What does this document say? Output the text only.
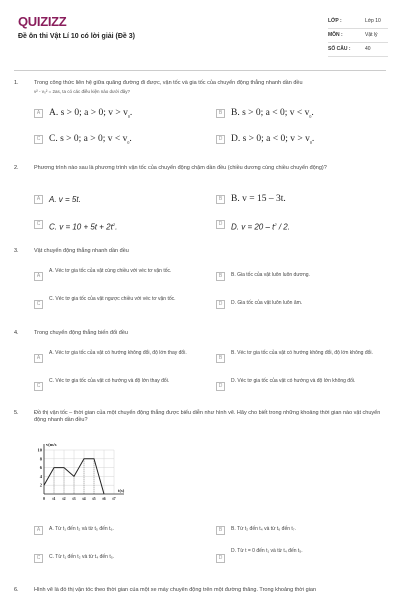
QUIZIZZ
Đề ôn thi Vật Lí 10 có lời giải (Đề 3)
LỚP :	Lớp 10
MÔN :	Vật lý
SỐ CÂU :	40
1.	Trong công thức liên hệ giữa quãng đường đi được, vận tốc và gia tốc của chuyển động thẳng nhanh dần đều
v² - v₀² = 2as, ta có các điều kiện nào dưới đây?
A A. s > 0; a > 0; $v > v_0$.	B B. s > 0; a < 0; $v < v_0$.
C C. s > 0; a > 0; $v < v_0$.	D D. s > 0; a < 0; $v > v_0$.
2.	Phương trình nào sau là phương trình vận tốc của chuyển động chậm dần đều (chiều dương cùng chiều chuyển động)?
A	A. v = 5t.	B B. v = 15 – 3t.
C	C. $v = 10 + 5t + 2t^2$.	D	D. $v = 20 - t^2 / 2$.
3.	Vật chuyển động thẳng nhanh dần đều
A
A. Véc tơ gia tốc của vật cùng chiều với véc tơ vận tốc.
B	B. Gia tốc của vật luôn luôn dương.
C
C. Véc tơ gia tốc của vật ngược chiều với véc tơ vận tốc.
D	D. Gia tốc của vật luôn luôn âm.
4.	Trong chuyển động thẳng biến đổi đều
A
A. Véc tơ gia tốc của vật có hướng không đổi, độ lớn thay đổi.
B
B. Véc tơ gia tốc của vật có hướng không đổi, độ lớn không đổi.
C
C. Véc tơ gia tốc của vật có hướng và độ lớn thay đổi.
D
D. Véc tơ gia tốc của vật có hướng và độ lớn không đổi.
5.	Đồ thị vận tốc – thời gian của một chuyển động thẳng được biểu diễn như hình vẽ. Hãy cho biết trong những khoảng thời gian nào vật chuyển động nhanh dần đều?
v(m/s
t(s)
10
8
6
4
2
0 t1 t2 t3 t4 t5 t6 t7
A	A. Từ t₁ đến t₂ và từ t₅ đến t₆.	B	B. Từ t₂ đến t₄ và từ t₆ đến t₇.
C	C. Từ t₁ đến t₂ và từ t₄ đến t₅.	D
D. Từ t = 0 đến t₁ và từ t₄ đến t₅.
6.	Hình vẽ là đồ thị vận tốc theo thời gian của một xe máy chuyển động trên một đường thẳng. Trong khoảng thời gian
